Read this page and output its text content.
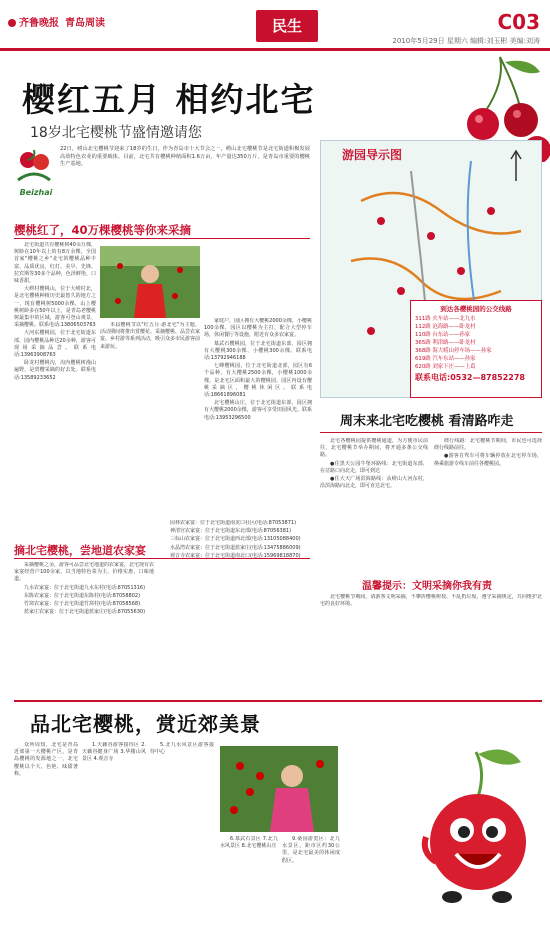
齐鲁晚报 青岛周读	民生	C03
2010年5月29日 星期六 编辑:刘玉彬 美编:刘涛
樱红五月 相约北宅
18岁北宅樱桃节盛情邀请您
Beizhai
22日，崂山北宅樱桃节迎来了18岁的生日，作为青岛市十大节会之一，崂山北宅樱桃节是北宅街道积极发展高效特色农业的重要载体。目前，北宅共有樱桃种植面积1.6万亩，年产量达350万斤，是青岛市重要的樱桃生产基地。
樱桃红了，40万棵樱桃等你来采摘

北宅街道共有樱桃树40余万棵，树龄在10年以上的有8万余棵，全国首家"樱桃之乡"北宅的樱桃品种丰富、品质优良，红灯、美早、先锋、拉宾斯等30多个品种，色泽鲜艳，口味香甜。

大崂村樱桃山，位于大崂村北，是北宅樱桃种植历史最悠久的地方之一，现有樱桃树5000余棵，山上樱桃树龄多在50年以上，是青岛老樱桃树最集中的区域，游客可登山观景、采摘樱桃。联系电话:13806503763

大河东樱桃园，位于北宅街道东部，园内樱桃品种达20余种，游客可现场采摘品尝。联系电话:13963908763

卧龙村樱桃沟，沟内樱桃树漫山遍野，是赏樱采摘的好去处。联系电话:13589233652

本届樱桃节以"红五月·游北宅"为主题，活动期间将推出赏樱花、采摘樱桃、品尝农家宴、乡村游等系列活动，吸引众多市民游客前来游玩。

家庭户，园区拥有大樱桃2000余棵，小樱桃100余棵，园区以樱桃为主打，配合大型停车场，休闲餐厅等设施，附近有众多农家宴。

慕武石樱桃园，位于北宅街道东部，园区拥有大樱桃300余棵、小樱桃300余棵。联系电话:13792946188

七峰樱桃园，位于北宅街道北部，园区有6个品种，有大樱桃2500余棵，小樱桃1000余棵，是北宅区面积最大的樱桃园，园区内设有樱桃采摘区，樱桃休闲区。联系电话:18661896081

北宅樱桃山庄，位于北宅街道东部，园区拥有大樱桃2000余棵，游客可享受田园风光。联系电话:13953296500

摘北宅樱桃，尝地道农家宴

采摘樱桃之余，游客可品尝北宅地道的农家宴，北宅现有农家宴经营户100余家，以当地特色菜为主，价格实惠，口味地道。

九水农家宴：位于北宅街道九水东村(电话:87051316)

东陈农家宴：位于北宅街道东陈村(电话:87058802)

竹窝农家宴：位于北宅街道竹窝村(电话:87058568)

蓝家庄农家宴：位于北宅街道蓝家庄(电话:87055630)

园林农家宴：位于北宅街道南龙口社区(电话:87053871)

神清宫农家宴：位于北宅街道东北部(电话:87056381)

三标山农家宴：位于北宅街道西北部(电话:13105088400)

水晶湾农家宴：位于北宅街道蓝家庄(电话:13475886009)

观音寺农家宴：位于北宅街道南北口(电话:15969818870)

游园导示图
到达各樱桃园的公交线路
311路 火车站——北九水
112路 沧海路——卧龙村
110路 台东站——孙家
365路 利津路——卧龙村
368路 海大崂山停车场——孙家
619路 汽车东站——孙家
620路 刘家下庄——上葛
联系电话:0532—87852278
周末来北宅吃樱桃 看清路咋走

北宅各樱桃园提供樱桃通道，为方便市民前往，北宅樱桃节举办期间，将开通多条公交线路。

●住黑天公园牛堡环路线：北宅街道东部，在岔路口向北走，即可到达

●住大天广场滨海路线：从崂山大河东村，沿滨海路向北走，即可直达北宅。

绕行线路：北宅樱桃节期间，市民也可选择绕行线路前往。

●游客自驾车可将车辆停放在北宅停车场，换乘旅游专线车前往各樱桃园。

温馨提示：文明采摘你我有责

北宅樱桃节期间，请游客文明采摘，不攀折樱桃树枝，不乱扔垃圾，遵守采摘规定，共同维护北宅的良好环境。

品北宅樱桃，赏近郊美景

众所周知，北宅是青岛近郊第一大樱桃产区，是青岛樱桃的发源地之一，北宅樱桃以个大、色艳、味甜著称。

1.天籁谷游客接待区 2.天籁谷健身广场 3.华楼山风景区 4.观音寺

5.北九水风景区游客接待中心

6.慕武石景区 7.北九水风景区 8.北宅樱桃山庄

9.桑园游览区：北九水景区，距市区约30公里，是北宅最美的休闲度假区。
